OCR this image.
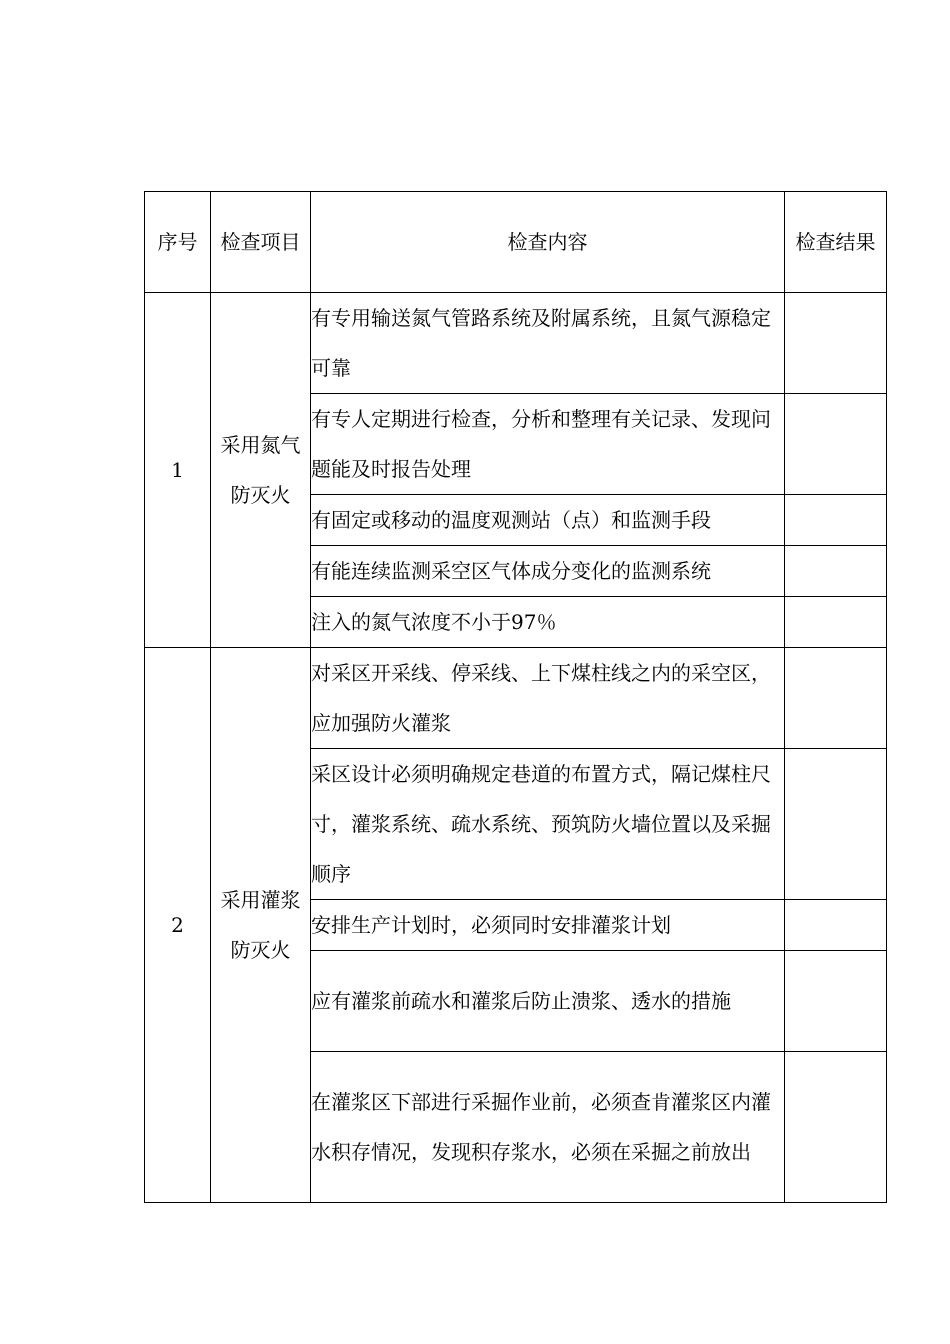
序号	检查项目	检查内容	检查结果
1	采用氮气防灭火	有专用输送氮气管路系统及附属系统，且氮气源稳定可靠	
		有专人定期进行检查，分析和整理有关记录、发现问题能及时报告处理	
		有固定或移动的温度观测站（点）和监测手段	
		有能连续监测采空区气体成分变化的监测系统	
		注入的氮气浓度不小于97％	
2	采用灌浆防灭火	对采区开采线、停采线、上下煤柱线之内的采空区，应加强防火灌浆	
		采区设计必须明确规定巷道的布置方式，隔记煤柱尺寸，灌浆系统、疏水系统、预筑防火墙位置以及采掘顺序	
		安排生产计划时，必须同时安排灌浆计划	
		应有灌浆前疏水和灌浆后防止溃浆、透水的措施	
		在灌浆区下部进行采掘作业前，必须查肯灌浆区内灌水积存情况，发现积存浆水，必须在采掘之前放出	
